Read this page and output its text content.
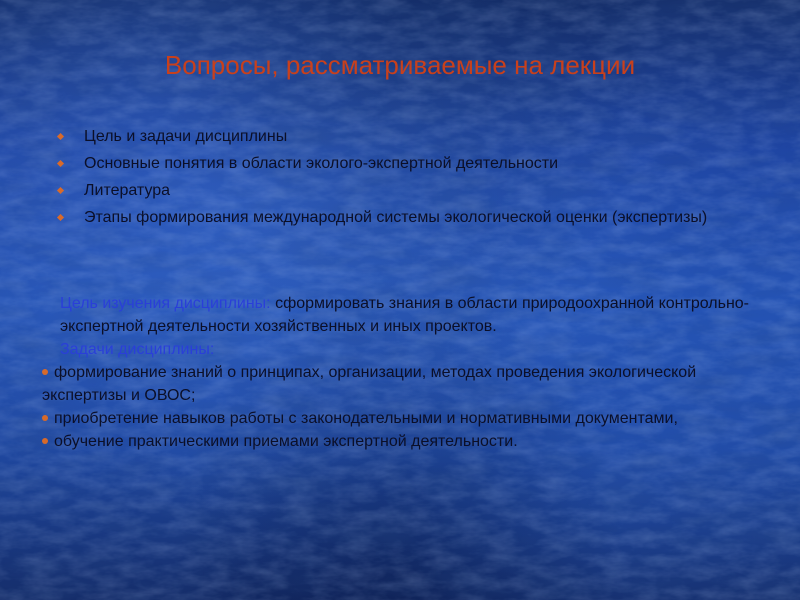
Вопросы, рассматриваемые на лекции
Цель и задачи дисциплины
Основные понятия в области эколого-экспертной деятельности
Литература
Этапы формирования международной системы экологической оценки (экспертизы)

Цель изучения дисциплины: сформировать знания в области природоохранной контрольно-экспертной деятельности хозяйственных и иных проектов.

Задачи дисциплины:

формирование знаний о принципах, организации, методах проведения экологической экспертизы и ОВОС;

приобретение навыков работы с законодательными и нормативными документами,

обучение практическими приемами экспертной деятельности.
